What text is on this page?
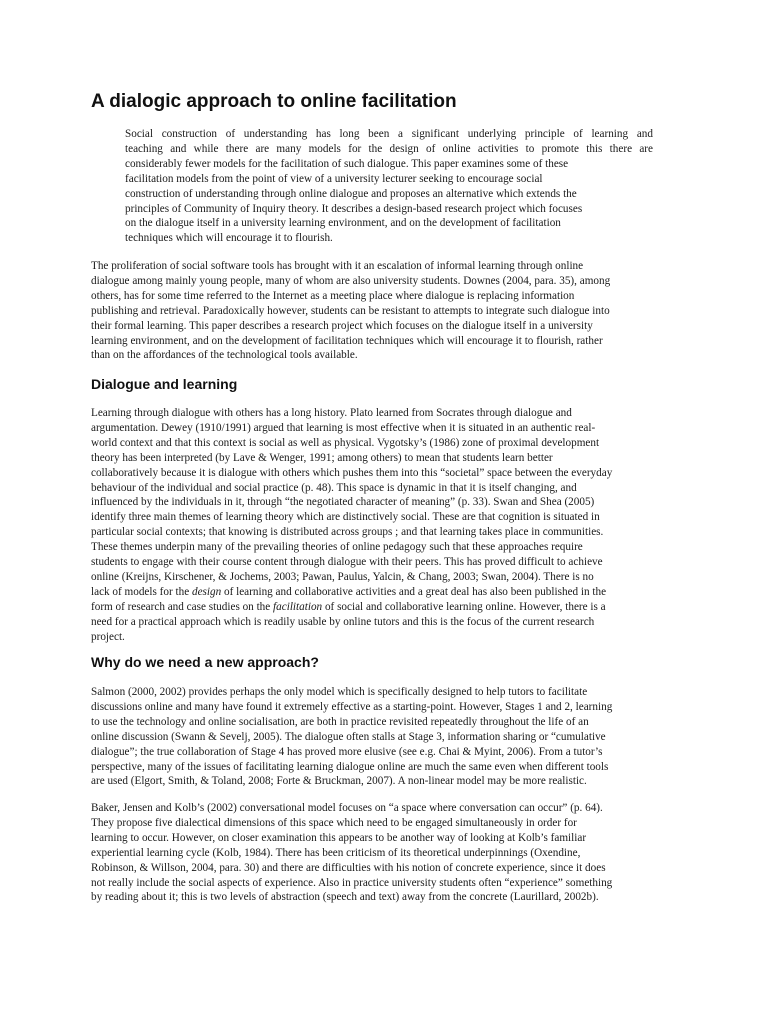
A dialogic approach to online facilitation
Social construction of understanding has long been a significant underlying principle of learning and
teaching and while there are many models for the design of online activities to promote this there are
considerably fewer models for the facilitation of such dialogue. This paper examines some of these
facilitation models from the point of view of a university lecturer seeking to encourage social
construction of understanding through online dialogue and proposes an alternative which extends the
principles of Community of Inquiry theory. It describes a design-based research project which focuses
on the dialogue itself in a university learning environment, and on the development of facilitation
techniques which will encourage it to flourish.
The proliferation of social software tools has brought with it an escalation of informal learning through online
dialogue among mainly young people, many of whom are also university students. Downes (2004, para. 35), among
others, has for some time referred to the Internet as a meeting place where dialogue is replacing information
publishing and retrieval. Paradoxically however, students can be resistant to attempts to integrate such dialogue into
their formal learning. This paper describes a research project which focuses on the dialogue itself in a university
learning environment, and on the development of facilitation techniques which will encourage it to flourish, rather
than on the affordances of the technological tools available.
Dialogue and learning
Learning through dialogue with others has a long history. Plato learned from Socrates through dialogue and
argumentation. Dewey (1910/1991) argued that learning is most effective when it is situated in an authentic real-
world context and that this context is social as well as physical. Vygotsky’s (1986) zone of proximal development
theory has been interpreted (by Lave & Wenger, 1991; among others) to mean that students learn better
collaboratively because it is dialogue with others which pushes them into this “societal” space between the everyday
behaviour of the individual and social practice (p. 48). This space is dynamic in that it is itself changing, and
influenced by the individuals in it, through “the negotiated character of meaning” (p. 33). Swan and Shea (2005)
identify three main themes of learning theory which are distinctively social. These are that cognition is situated in
particular social contexts; that knowing is distributed across groups ; and that learning takes place in communities.
These themes underpin many of the prevailing theories of online pedagogy such that these approaches require
students to engage with their course content through dialogue with their peers. This has proved difficult to achieve
online (Kreijns, Kirschener, & Jochems, 2003; Pawan, Paulus, Yalcin, & Chang, 2003; Swan, 2004). There is no
lack of models for the design of learning and collaborative activities and a great deal has also been published in the
form of research and case studies on the facilitation of social and collaborative learning online. However, there is a
need for a practical approach which is readily usable by online tutors and this is the focus of the current research
project.
Why do we need a new approach?
Salmon (2000, 2002) provides perhaps the only model which is specifically designed to help tutors to facilitate
discussions online and many have found it extremely effective as a starting-point. However, Stages 1 and 2, learning
to use the technology and online socialisation, are both in practice revisited repeatedly throughout the life of an
online discussion (Swann & Sevelj, 2005). The dialogue often stalls at Stage 3, information sharing or “cumulative
dialogue”; the true collaboration of Stage 4 has proved more elusive (see e.g. Chai & Myint, 2006). From a tutor’s
perspective, many of the issues of facilitating learning dialogue online are much the same even when different tools
are used (Elgort, Smith, & Toland, 2008; Forte & Bruckman, 2007). A non-linear model may be more realistic.
Baker, Jensen and Kolb’s (2002) conversational model focuses on “a space where conversation can occur” (p. 64).
They propose five dialectical dimensions of this space which need to be engaged simultaneously in order for
learning to occur. However, on closer examination this appears to be another way of looking at Kolb’s familiar
experiential learning cycle (Kolb, 1984). There has been criticism of its theoretical underpinnings (Oxendine,
Robinson, & Willson, 2004, para. 30) and there are difficulties with his notion of concrete experience, since it does
not really include the social aspects of experience. Also in practice university students often “experience” something
by reading about it; this is two levels of abstraction (speech and text) away from the concrete (Laurillard, 2002b).
